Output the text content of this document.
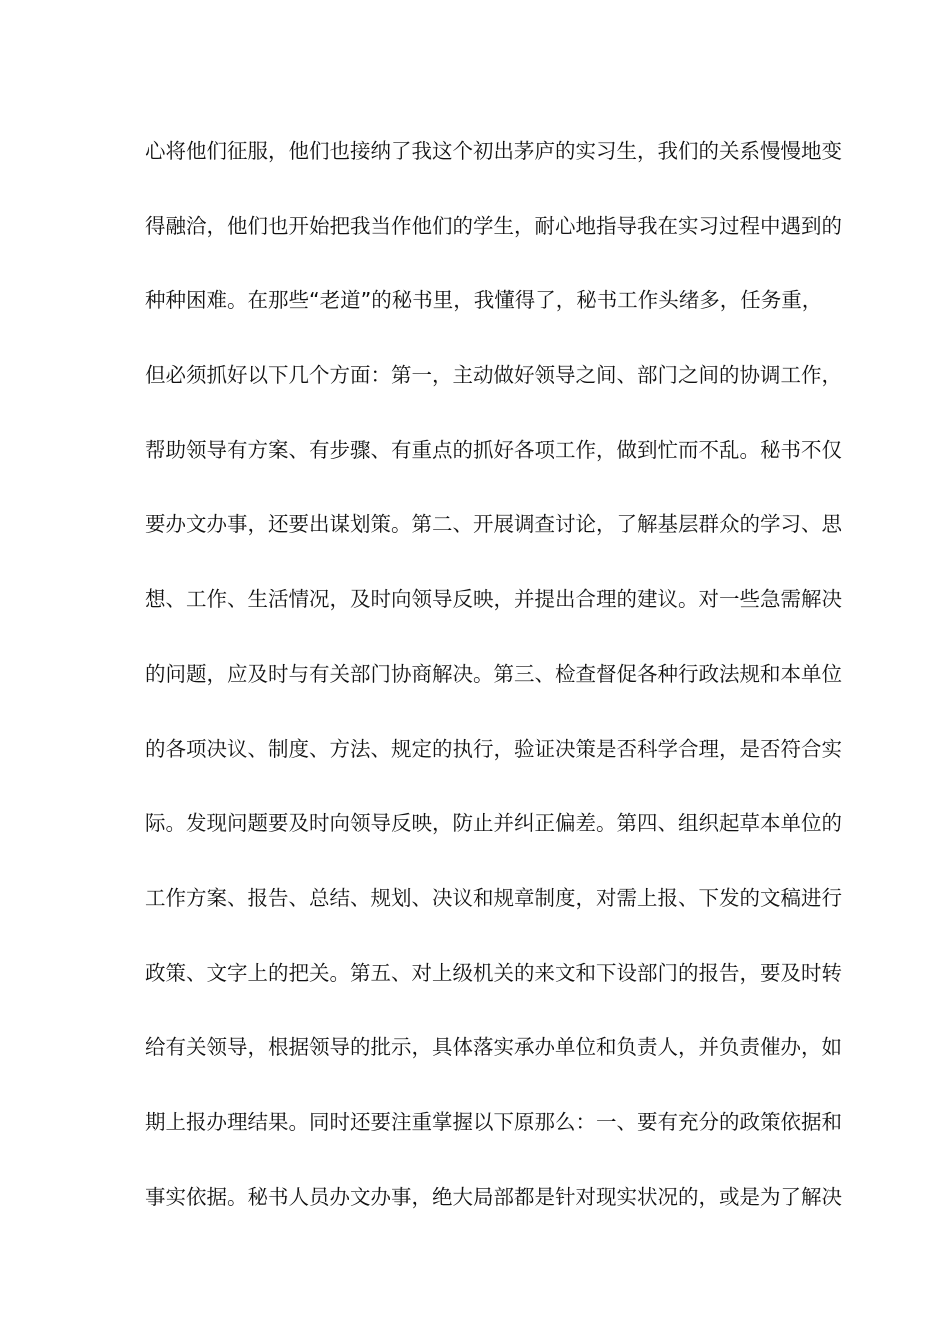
心将他们征服，他们也接纳了我这个初出茅庐的实习生，我们的关系慢慢地变
得融洽，他们也开始把我当作他们的学生，耐心地指导我在实习过程中遇到的
种种困难。在那些“老道”的秘书里，我懂得了，秘书工作头绪多，任务重，
但必须抓好以下几个方面：第一，主动做好领导之间、部门之间的协调工作，
帮助领导有方案、有步骤、有重点的抓好各项工作，做到忙而不乱。秘书不仅
要办文办事，还要出谋划策。第二、开展调查讨论，了解基层群众的学习、思
想、工作、生活情况，及时向领导反映，并提出合理的建议。对一些急需解决
的问题，应及时与有关部门协商解决。第三、检查督促各种行政法规和本单位
的各项决议、制度、方法、规定的执行，验证决策是否科学合理，是否符合实
际。发现问题要及时向领导反映，防止并纠正偏差。第四、组织起草本单位的
工作方案、报告、总结、规划、决议和规章制度，对需上报、下发的文稿进行
政策、文字上的把关。第五、对上级机关的来文和下设部门的报告，要及时转
给有关领导，根据领导的批示，具体落实承办单位和负责人，并负责催办，如
期上报办理结果。同时还要注重掌握以下原那么：一、要有充分的政策依据和
事实依据。秘书人员办文办事，绝大局部都是针对现实状况的，或是为了解决
